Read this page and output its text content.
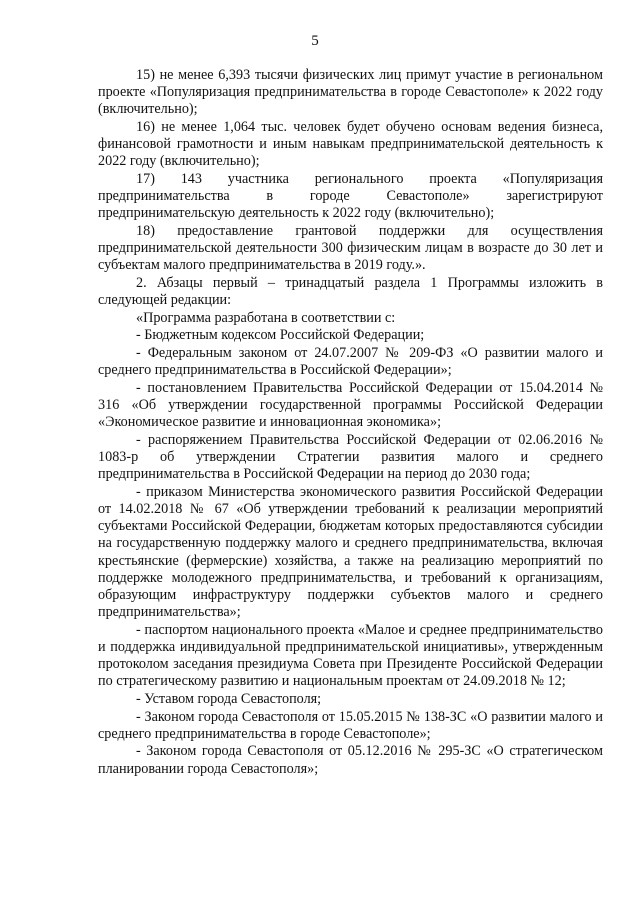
5

15) не менее 6,393 тысячи физических лиц примут участие в региональном проекте «Популяризация предпринимательства в городе Севастополе» к 2022 году (включительно);

16) не менее 1,064 тыс. человек будет обучено основам ведения бизнеса, финансовой грамотности и иным навыкам предпринимательской деятельность к 2022 году (включительно);

17) 143 участника регионального проекта «Популяризация предпринимательства в городе Севастополе» зарегистрируют предпринимательскую деятельность к 2022 году (включительно);

18) предоставление грантовой поддержки для осуществления предпринимательской деятельности 300 физическим лицам в возрасте до 30 лет и субъектам малого предпринимательства в 2019 году.».

2. Абзацы первый – тринадцатый раздела 1 Программы изложить в следующей редакции:

«Программа разработана в соответствии с:

- Бюджетным кодексом Российской Федерации;

- Федеральным законом от 24.07.2007 № 209-ФЗ «О развитии малого и среднего предпринимательства в Российской Федерации»;

- постановлением Правительства Российской Федерации от 15.04.2014 № 316 «Об утверждении государственной программы Российской Федерации «Экономическое развитие и инновационная экономика»;

- распоряжением Правительства Российской Федерации от 02.06.2016 № 1083-р об утверждении Стратегии развития малого и среднего предпринимательства в Российской Федерации на период до 2030 года;

- приказом Министерства экономического развития Российской Федерации от 14.02.2018 № 67 «Об утверждении требований к реализации мероприятий субъектами Российской Федерации, бюджетам которых предоставляются субсидии на государственную поддержку малого и среднего предпринимательства, включая крестьянские (фермерские) хозяйства, а также на реализацию мероприятий по поддержке молодежного предпринимательства, и требований к организациям, образующим инфраструктуру поддержки субъектов малого и среднего предпринимательства»;

- паспортом национального проекта «Малое и среднее предпринимательство и поддержка индивидуальной предпринимательской инициативы», утвержденным протоколом заседания президиума Совета при Президенте Российской Федерации по стратегическому развитию и национальным проектам от 24.09.2018 № 12;

- Уставом города Севастополя;

- Законом города Севастополя от 15.05.2015 № 138-ЗС «О развитии малого и среднего предпринимательства в городе Севастополе»;

- Законом города Севастополя от 05.12.2016 № 295-ЗС «О стратегическом планировании города Севастополя»;
